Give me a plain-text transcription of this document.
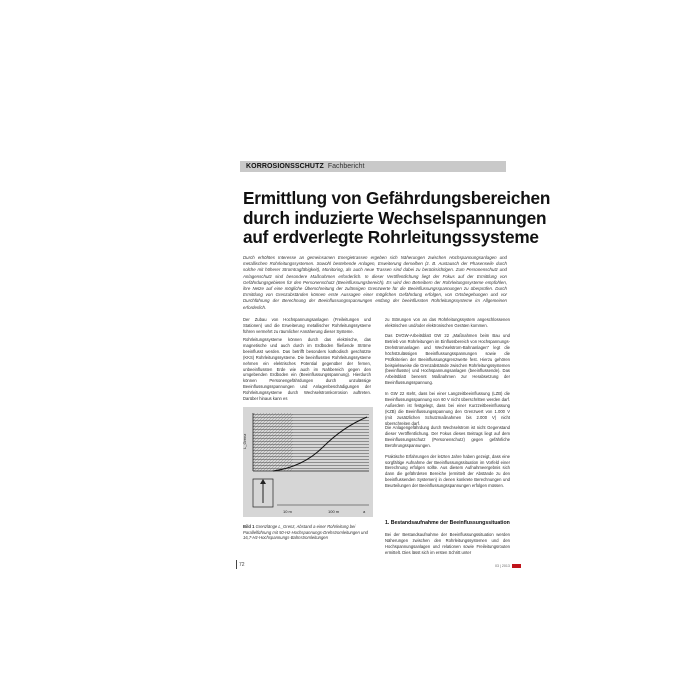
KORROSIONSSCHUTZ Fachbericht
Ermittlung von Gefährdungsbereichen
durch induzierte Wechselspannungen
auf erdverlegte Rohrleitungssysteme
Durch erhöhtes Interesse an gemeinsamen Energietrassen ergeben sich Näherungen zwischen Hochspannungsanlagen und metallischen Rohrleitungssystemen. Sowohl bestehende Anlagen, Erweiterung derselben (z. B. Austausch der Phasenseile durch solche mit höherer Stromtragfähigkeit), Monitoring, als auch neue Trassen sind dabei zu berücksichtigen. Zum Personenschutz und Anlagenschutz sind besondere Maßnahmen erforderlich. In dieser Veröffentlichung liegt der Fokus auf der Ermittlung von Gefährdungsgebieten für den Personenschutz (Beeinflussungsbereich). Es wird den Betreibern der Rohrleitungssysteme empfohlen, ihre Netze auf eine mögliche Überschreitung der zulässigen Grenzwerte für die Beeinflussungsspannungen zu überprüfen. Durch Ermittlung von Grenzabständen können erste Aussagen einer möglichen Gefährdung erfolgen, von Ortsbegehungen und vor Durchführung der Berechnung der Beeinflussungsspannungen entlang der beeinflussten Rohrleitungssysteme im Allgemeinen erforderlich.

Der Zubau von Hochspannungsanlagen (Freileitungen und Stationen) und die Erweiterung metallischer Rohrleitungssysteme führen vermehrt zu räumlicher Annäherung dieser Systeme.

Rohrleitungssysteme können durch das elektrische, das magnetische und auch durch im Erdboden fließende Ströme beeinflusst werden. Das betrifft besonders kathodisch geschützte (KKS) Rohrleitungssysteme. Die beeinflussten Rohrleitungssysteme nehmen ein elektrisches Potential gegenüber der fernen, unbeeinflussten Erde wie auch im Nahbereich gegen den umgebenden Erdboden ein (Beeinflussungsspannung). Hierdurch können Personengefährdungen durch unzulässige Beeinflussungsspannungen und Anlagenbeschädigungen der Rohrleitungssysteme durch Wechselstromkorrosion auftreten. Darüber hinaus kann es

10 m	100 m
L_Grenz
a
Bild 1 Grenzlänge L_Grenz, Abstand a einer Rohrleitung bei Parallelführung mit 50-Hz-Hochspannungs-Drehstromleitungen und 16,7-Hz-Hochspannungs-Bahnstromleitungen

zu Störungen von an das Rohrleitungssystem angeschlossenen elektrischen und/oder elektronischen Geräten kommen.

Das DVGW-Arbeitsblatt GW 22 „Maßnahmen beim Bau und Betrieb von Rohrleitungen im Einflussbereich von Hochspannungs-Drehstromanlagen und Wechselstrom-Bahnanlagen" legt die höchstzulässigen Beeinflussungsspannungen sowie die Prüfkriterien der Beeinflussungsgrenzwerte fest. Hierzu gehören beispielsweise die Grenzabstände zwischen Rohrleitungssystemen (beeinflusste) und Hochspannungsanlagen (beeinflussende). Das Arbeitsblatt benennt Maßnahmen zur Herabsetzung der Beeinflussungsspannung.

In GW 22 steht, dass bei einer Langzeitbeeinflussung (LZB) die Beeinflussungsspannung von 60 V nicht überschritten werden darf. Außerdem ist festgelegt, dass bei einer Kurzzeitbeeinflussung (KZB) die Beeinflussungsspannung den Grenzwert von 1.000 V (mit zusätzlichen Schutzmaßnahmen bis 2.000 V) nicht überschreiten darf.

Die Anlagengefährdung durch Wechselstrom ist nicht Gegenstand dieser Veröffentlichung. Der Fokus dieses Beitrags liegt auf dem Beeinflussungsschutz (Personenschutz) gegen gefährliche Berührungsspannungen.

Praktische Erfahrungen der letzten Jahre haben gezeigt, dass eine sorgfältige Aufnahme der Beeinflussungssituation im Vorfeld einer Berechnung erfolgen sollte. Aus diesem Aufnahmeergebnis sich dann die gefährdeten Bereiche (ermittelt der Abstände zu den beeinflussenden Systemen) in denen konkrete Berechnungen und Beurteilungen der Beeinflussungsspannungen erfolgen müssen.

1. Bestandsaufnahme der Beeinflussungssituation

Bei der Bestandsaufnahme der Beeinflussungssituation werden Näherungen zwischen den Rohrleitungssystemen und den Hochspannungsanlagen und relationen sowie Freileitungsrouten ermittelt. Dies lässt sich im ersten Schritt unter

72	03 | 2013
